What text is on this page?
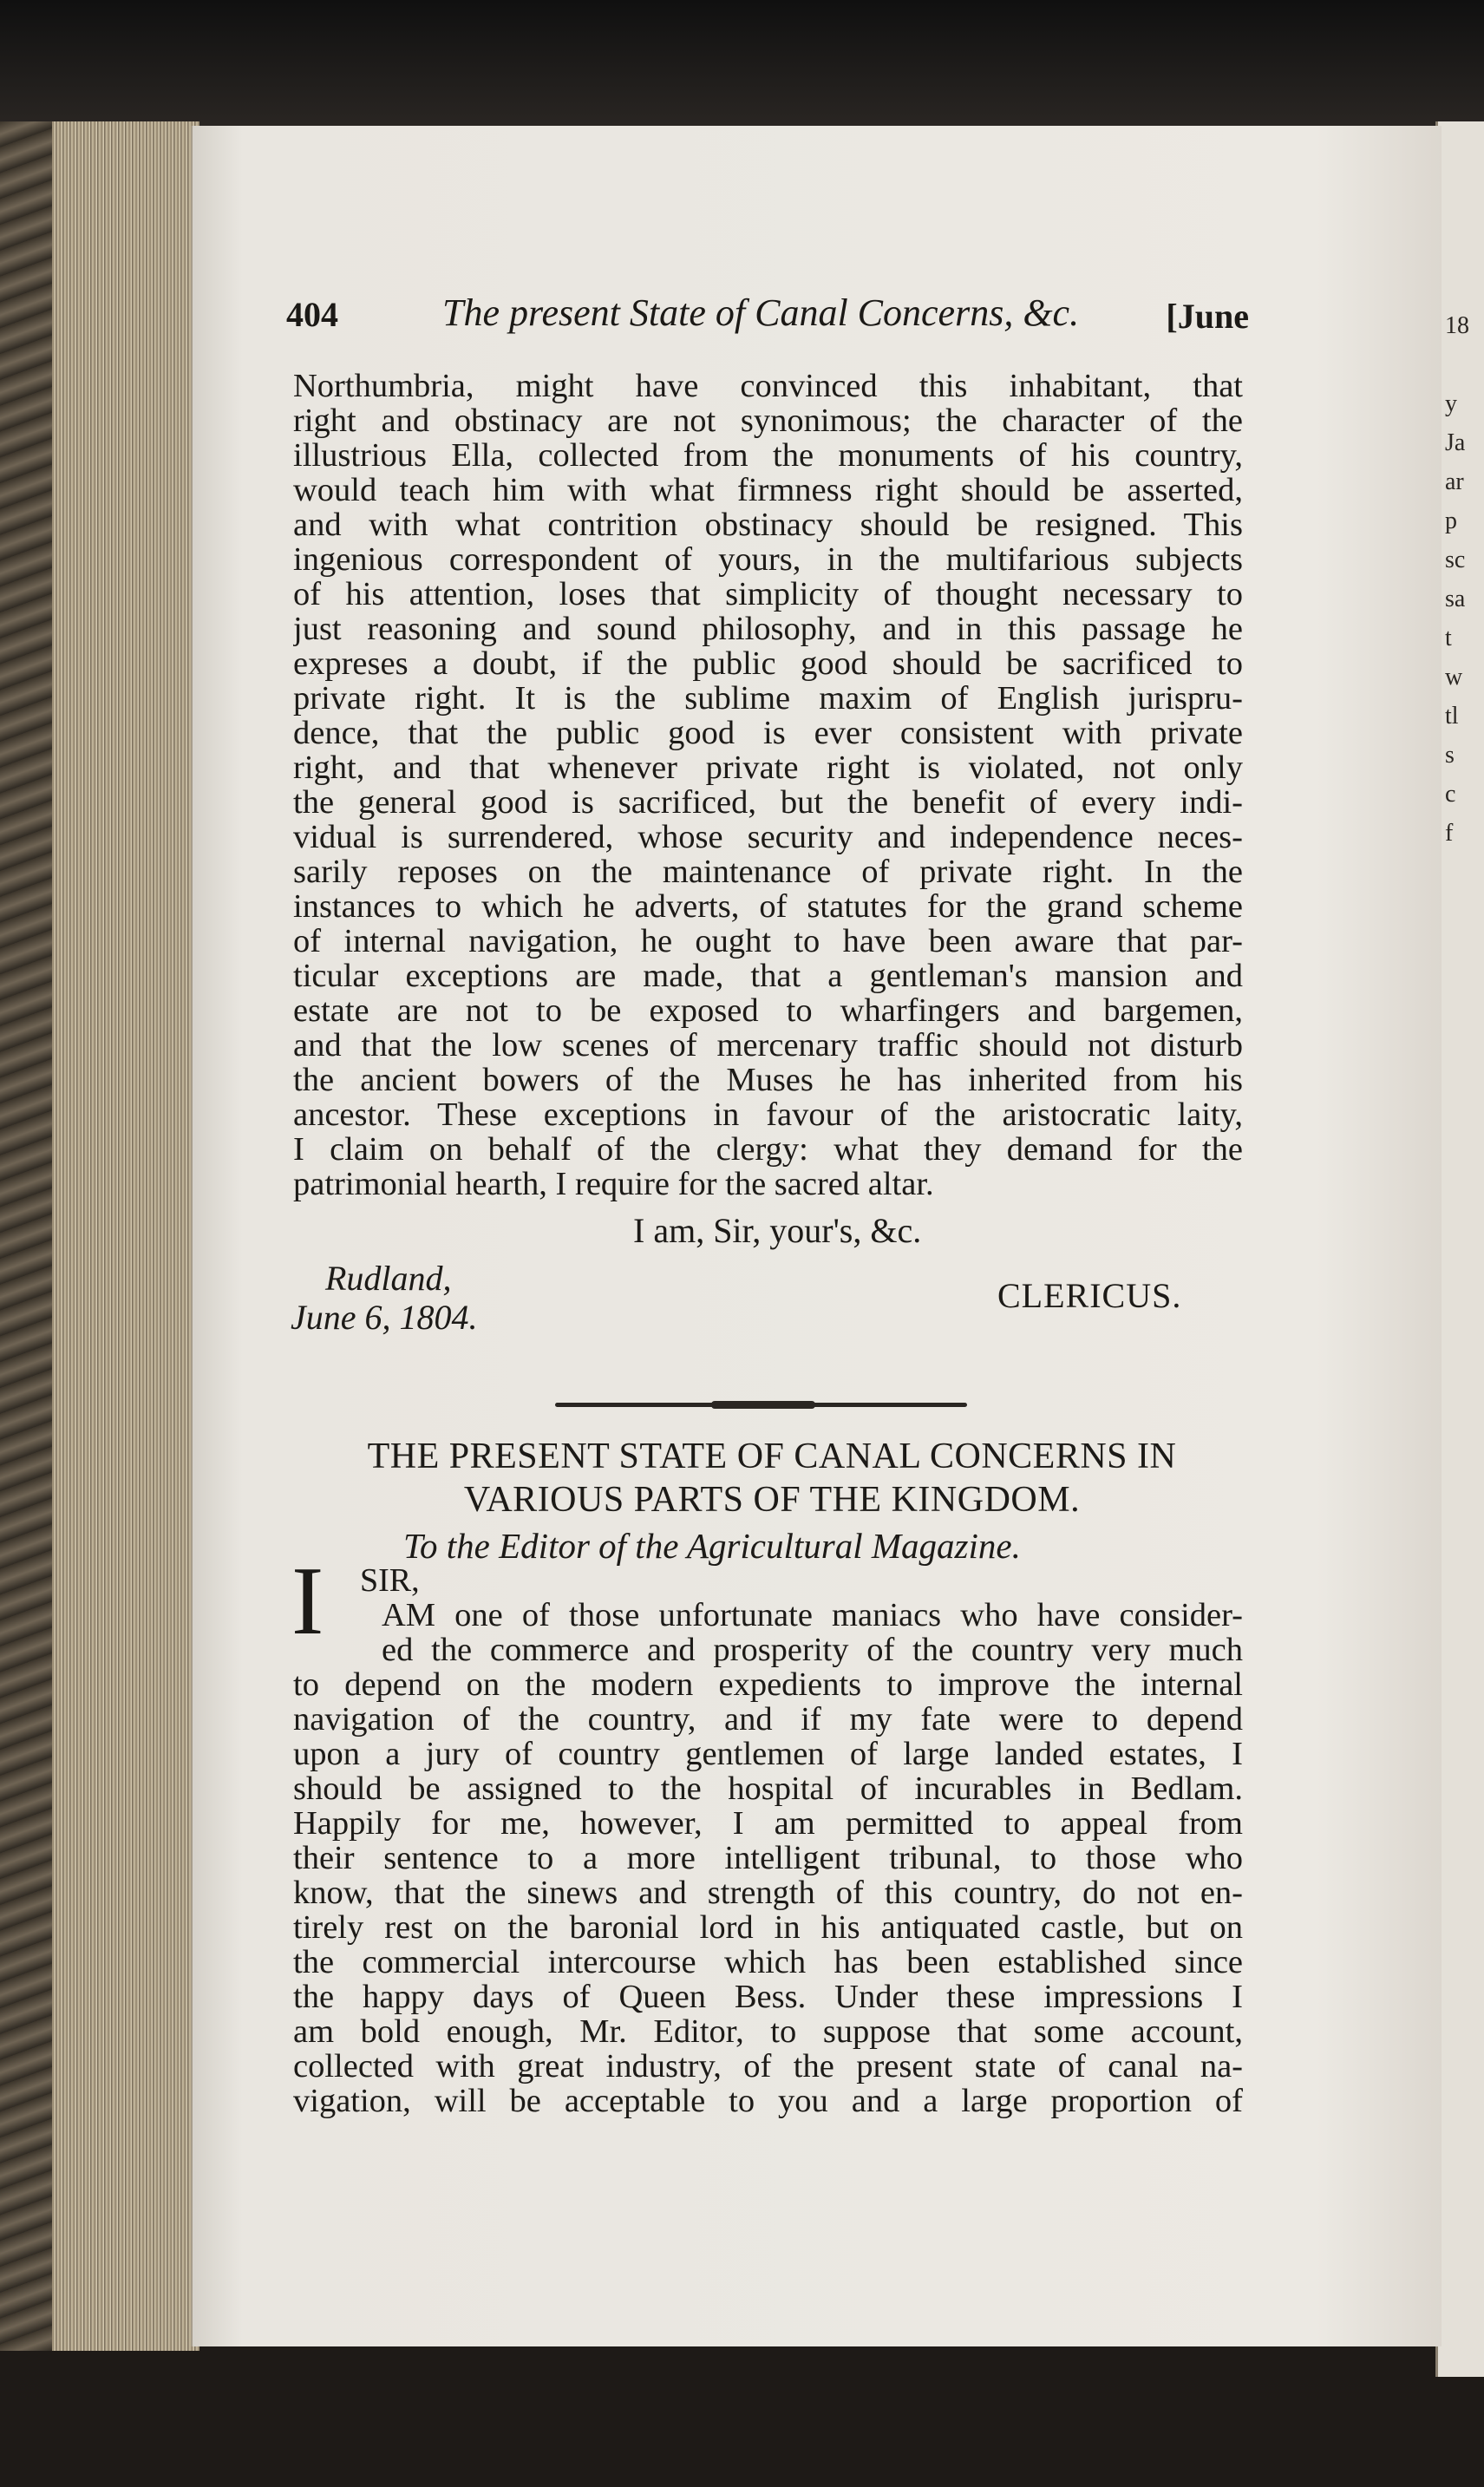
18
y
Ja
ar
p
sc
sa
t
w
tl
s
c
f
404	The present State of Canal Concerns, &c.	[June
Northumbria, might have convinced this inhabitant, that
right and obstinacy are not synonimous; the character of the
illustrious Ella, collected from the monuments of his country,
would teach him with what firmness right should be asserted,
and with what contrition obstinacy should be resigned. This
ingenious correspondent of yours, in the multifarious subjects
of his attention, loses that simplicity of thought necessary to
just reasoning and sound philosophy, and in this passage he
expreses a doubt, if the public good should be sacrificed to
private right. It is the sublime maxim of English jurispru-
dence, that the public good is ever consistent with private
right, and that whenever private right is violated, not only
the general good is sacrificed, but the benefit of every indi-
vidual is surrendered, whose security and independence neces-
sarily reposes on the maintenance of private right. In the
instances to which he adverts, of statutes for the grand scheme
of internal navigation, he ought to have been aware that par-
ticular exceptions are made, that a gentleman's mansion and
estate are not to be exposed to wharfingers and bargemen,
and that the low scenes of mercenary traffic should not disturb
the ancient bowers of the Muses he has inherited from his
ancestor. These exceptions in favour of the aristocratic laity,
I claim on behalf of the clergy: what they demand for the
patrimonial hearth, I require for the sacred altar.
I am, Sir, your's, &c.
Rudland,
June 6, 1804.
CLERICUS.
THE PRESENT STATE OF CANAL CONCERNS IN
VARIOUS PARTS OF THE KINGDOM.
To the Editor of the Agricultural Magazine.
SIR,
I AM one of those unfortunate maniacs who have consider-
ed the commerce and prosperity of the country very much
to depend on the modern expedients to improve the internal
navigation of the country, and if my fate were to depend
upon a jury of country gentlemen of large landed estates, I
should be assigned to the hospital of incurables in Bedlam.
Happily for me, however, I am permitted to appeal from
their sentence to a more intelligent tribunal, to those who
know, that the sinews and strength of this country, do not en-
tirely rest on the baronial lord in his antiquated castle, but on
the commercial intercourse which has been established since
the happy days of Queen Bess. Under these impressions I
am bold enough, Mr. Editor, to suppose that some account,
collected with great industry, of the present state of canal na-
vigation, will be acceptable to you and a large proportion of
